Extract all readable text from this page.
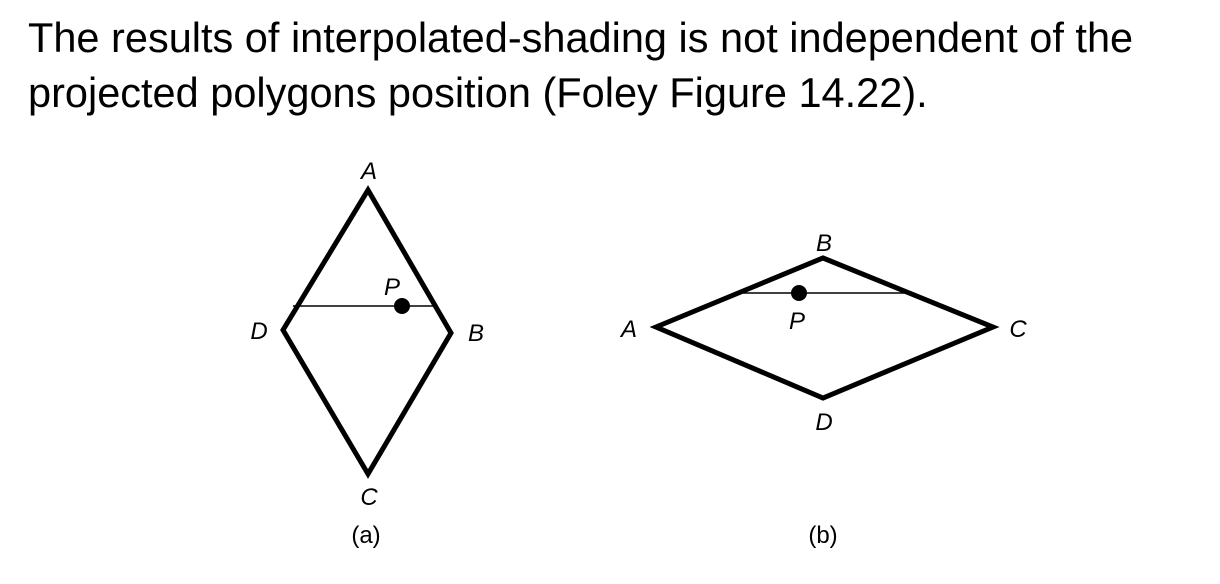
The results of interpolated-shading is not independent of the
projected polygons position (Foley Figure 14.22).
A
B
C
D
P
(a)
A
B
C
D
P
(b)
